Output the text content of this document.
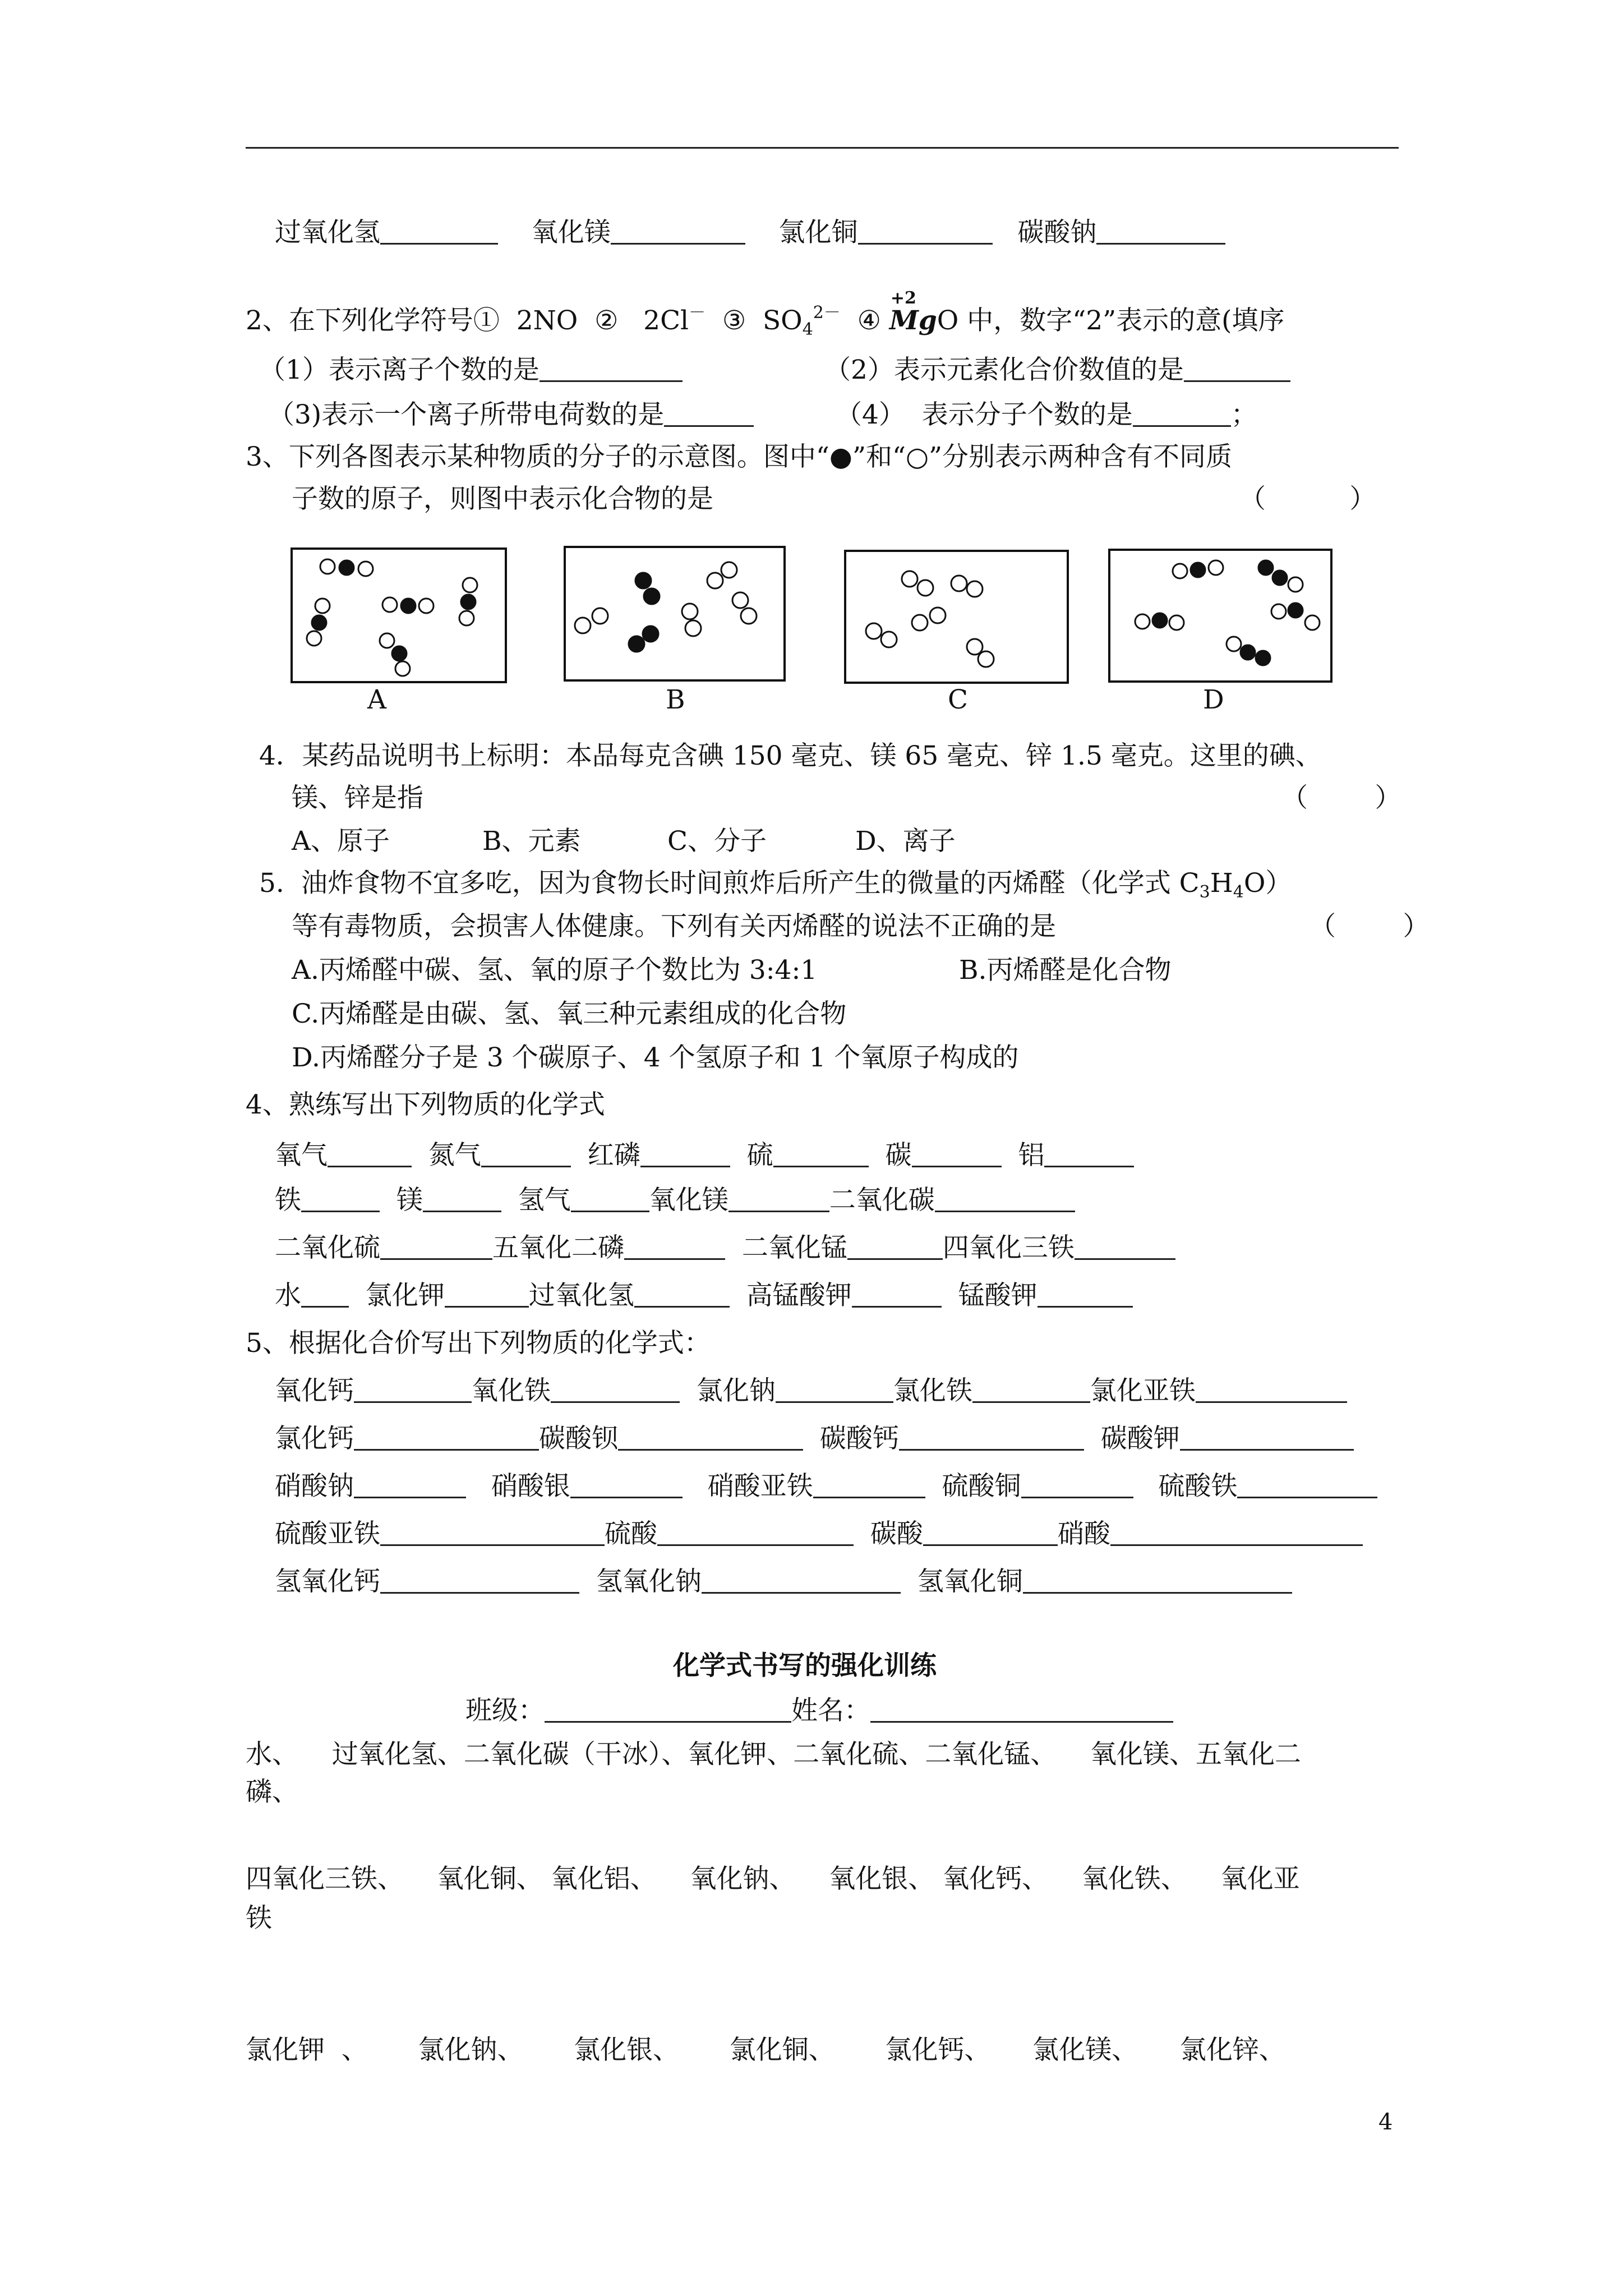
过氧化氢	氧化镁	氯化铜	碳酸钠
2、在下列化学符号①  2NO  ②   2Cl－  ③  $SO_4^{2-}$  ④
+2
MgO 中，数字“2”表示的意(填序
（1）表示离子个数的是	（2）表示元素化合价数值的是
（3)表示一个离子所带电荷数的是	（4）  表示分子个数的是	；
3、下列各图表示某种物质的分子的示意图。图中“●”和“○”分别表示两种含有不同质
子数的原子，则图中表示化合物的是	（          ）
A	B	C	D
4．某药品说明书上标明：本品每克含碘 150 毫克、镁 65 毫克、锌 1.5 毫克。这里的碘、
镁、锌是指	（        ）
A、原子	B、元素	C、分子	D、离子
5.  油炸食物不宜多吃，因为食物长时间煎炸后所产生的微量的丙烯醛（化学式 $C_3H_4O$）
等有毒物质，会损害人体健康。下列有关丙烯醛的说法不正确的是	（        ）
A.丙烯醛中碳、氢、氧的原子个数比为 3:4:1	B.丙烯醛是化合物
C.丙烯醛是由碳、氢、氧三种元素组成的化合物
D.丙烯醛分子是 3 个碳原子、4 个氢原子和 1 个氧原子构成的
4、熟练写出下列物质的化学式
氧气	氮气	红磷	硫	碳	铝
铁	镁	氢气	氧化镁	二氧化碳
二氧化硫	五氧化二磷	二氧化锰	四氧化三铁
水 氯化钾	过氧化氢	高锰酸钾	锰酸钾
5、根据化合价写出下列物质的化学式：
氧化钙	氧化铁	氯化钠	氯化铁	氯化亚铁
氯化钙	碳酸钡	碳酸钙	碳酸钾
硝酸钠	硝酸银	硝酸亚铁	硫酸铜	硫酸铁
硫酸亚铁	硫酸	碳酸	硝酸
氢氧化钙	氢氧化钠	氢氧化铜
化学式书写的强化训练
班级：	姓名：
水、    过氧化氢、二氧化碳（干冰）、氧化钾、二氧化硫、二氧化锰、    氧化镁、五氧化二
磷、
四氧化三铁、    氧化铜、 氧化铝、    氧化钠、    氧化银、 氧化钙、    氧化铁、    氧化亚
铁
氯化钾  、      氯化钠、      氯化银、      氯化铜、      氯化钙、     氯化镁、     氯化锌、
4
